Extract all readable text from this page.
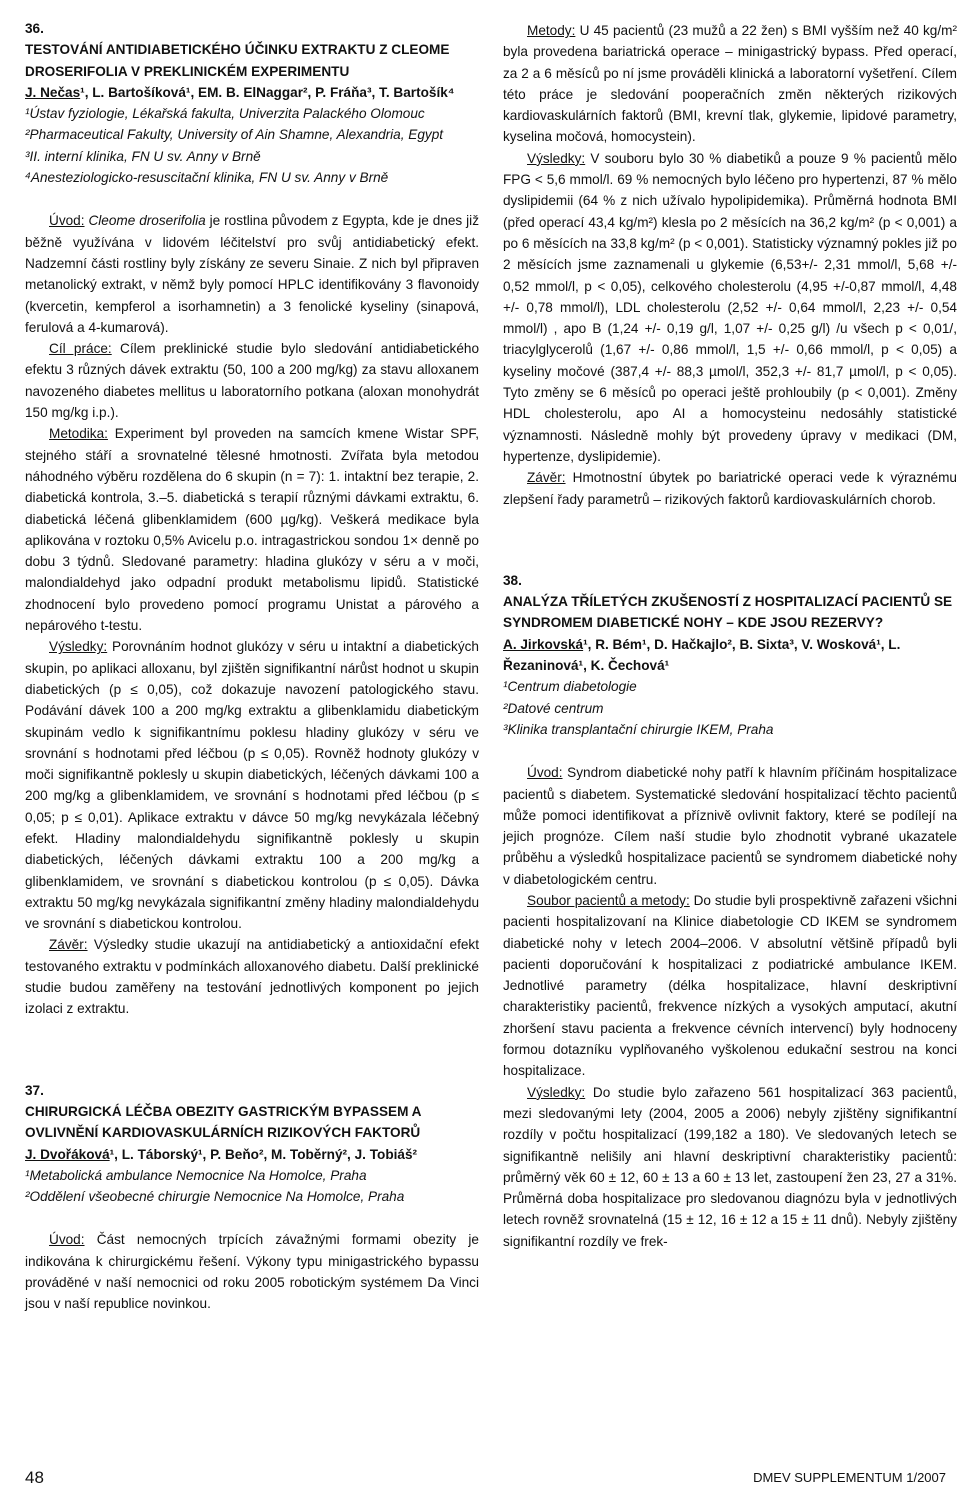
36.

TESTOVÁNÍ ANTIDIABETICKÉHO ÚČINKU EXTRAKTU Z CLEOME DROSERIFOLIA V PREKLINICKÉM EXPERIMENTU

J. Nečas¹, L. Bartošíková¹, EM. B. ElNaggar², P. Fráňa³, T. Bartošík⁴

¹Ústav fyziologie, Lékařská fakulta, Univerzita Palackého Olomouc

²Pharmaceutical Fakulty, University of Ain Shamne, Alexandria, Egypt

³II. interní klinika, FN U sv. Anny v Brně

⁴Anesteziologicko-resuscitační klinika, FN U sv. Anny v Brně

Úvod: Cleome droserifolia je rostlina původem z Egypta, kde je dnes již běžně využívána v lidovém léčitelství pro svůj antidiabetický efekt. Nadzemní části rostliny byly získány ze severu Sinaie. Z nich byl připraven metanolický extrakt, v němž byly pomocí HPLC identifikovány 3 flavonoidy (kvercetin, kempferol a isorhamnetin) a 3 fenolické kyseliny (sinapová, ferulová a 4-kumarová).

Cíl práce: Cílem preklinické studie bylo sledování antidiabetického efektu 3 různých dávek extraktu (50, 100 a 200 mg/kg) za stavu alloxanem navozeného diabetes mellitus u laboratorního potkana (aloxan monohydrát 150 mg/kg i.p.).

Metodika: Experiment byl proveden na samcích kmene Wistar SPF, stejného stáří a srovnatelné tělesné hmotnosti. Zvířata byla metodou náhodného výběru rozdělena do 6 skupin (n = 7): 1. intaktní bez terapie, 2. diabetická kontrola, 3.–5. diabetická s terapií různými dávkami extraktu, 6. diabetická léčená glibenklamidem (600 µg/kg). Veškerá medikace byla aplikována v roztoku 0,5% Avicelu p.o. intragastrickou sondou 1× denně po dobu 3 týdnů. Sledované parametry: hladina glukózy v séru a v moči, malondialdehyd jako odpadní produkt metabolismu lipidů. Statistické zhodnocení bylo provedeno pomocí programu Unistat a párového a nepárového t-testu.

Výsledky: Porovnáním hodnot glukózy v séru u intaktní a diabetických skupin, po aplikaci alloxanu, byl zjištěn signifikantní nárůst hodnot u skupin diabetických (p ≤ 0,05), což dokazuje navození patologického stavu. Podávání dávek 100 a 200 mg/kg extraktu a glibenklamidu diabetickým skupinám vedlo k signifikantnímu poklesu hladiny glukózy v séru ve srovnání s hodnotami před léčbou (p ≤ 0,05). Rovněž hodnoty glukózy v moči signifikantně poklesly u skupin diabetických, léčených dávkami 100 a 200 mg/kg a glibenklamidem, ve srovnání s hodnotami před léčbou (p ≤ 0,05; p ≤ 0,01). Aplikace extraktu v dávce 50 mg/kg nevykázala léčebný efekt. Hladiny malondialdehydu signifikantně poklesly u skupin diabetických, léčených dávkami extraktu 100 a 200 mg/kg a glibenklamidem, ve srovnání s diabetickou kontrolou (p ≤ 0,05). Dávka extraktu 50 mg/kg nevykázala signifikantní změny hladiny malondialdehydu ve srovnání s diabetickou kontrolou.

Závěr: Výsledky studie ukazují na antidiabetický a antioxidační efekt testovaného extraktu v podmínkách alloxanového diabetu. Další preklinické studie budou zaměřeny na testování jednotlivých komponent po jejich izolaci z extraktu.

37.

CHIRURGICKÁ LÉČBA OBEZITY GASTRICKÝM BYPASSEM A OVLIVNĚNÍ KARDIOVASKULÁRNÍCH RIZIKOVÝCH FAKTORŮ

J. Dvořáková¹, L. Táborský¹, P. Beňo², M. Toběrný², J. Tobiáš²

¹Metabolická ambulance Nemocnice Na Homolce, Praha

²Oddělení všeobecné chirurgie Nemocnice Na Homolce, Praha

Úvod: Část nemocných trpících závažnými formami obezity je indikována k chirurgickému řešení. Výkony typu minigastrického bypassu prováděné v naší nemocnici od roku 2005 robotickým systémem Da Vinci jsou v naší republice novinkou.

Metody: U 45 pacientů (23 mužů a 22 žen) s BMI vyšším než 40 kg/m² byla provedena bariatrická operace – minigastrický bypass. Před operací, za 2 a 6 měsíců po ní jsme prováděli klinická a laboratorní vyšetření. Cílem této práce je sledování pooperačních změn některých rizikových kardiovaskulárních faktorů (BMI, krevní tlak, glykemie, lipidové parametry, kyselina močová, homocystein).

Výsledky: V souboru bylo 30 % diabetiků a pouze 9 % pacientů mělo FPG < 5,6 mmol/l. 69 % nemocných bylo léčeno pro hypertenzi, 87 % mělo dyslipidemii (64 % z nich užívalo hypolipidemika). Průměrná hodnota BMI (před operací 43,4 kg/m²) klesla po 2 měsících na 36,2 kg/m² (p < 0,001) a po 6 měsících na 33,8 kg/m² (p < 0,001). Statisticky významný pokles již po 2 měsících jsme zaznamenali u glykemie (6,53+/- 2,31 mmol/l, 5,68 +/- 0,52 mmol/l, p < 0,05), celkového cholesterolu (4,95 +/-0,87 mmol/l, 4,48 +/- 0,78 mmol/l), LDL cholesterolu (2,52 +/- 0,64 mmol/l, 2,23 +/- 0,54 mmol/l) , apo B (1,24 +/- 0,19 g/l, 1,07 +/- 0,25 g/l) /u všech p < 0,01/, triacylglycerolů (1,67 +/- 0,86 mmol/l, 1,5 +/- 0,66 mmol/l, p < 0,05) a kyseliny močové (387,4 +/- 88,3 µmol/l, 352,3 +/- 81,7 µmol/l, p < 0,05). Tyto změny se 6 měsíců po operaci ještě prohloubily (p < 0,001). Změny HDL cholesterolu, apo AI a homocysteinu nedosáhly statistické významnosti. Následně mohly být provedeny úpravy v medikaci (DM, hypertenze, dyslipidemie).

Závěr: Hmotnostní úbytek po bariatrické operaci vede k výraznému zlepšení řady parametrů – rizikových faktorů kardiovaskulárních chorob.

38.

ANALÝZA TŘÍLETÝCH ZKUŠENOSTÍ Z HOSPITALIZACÍ PACIENTŮ SE SYNDROMEM DIABETICKÉ NOHY – KDE JSOU REZERVY?

A. Jirkovská¹, R. Bém¹, D. Hačkajlo², B. Sixta³, V. Wosková¹, L. Řezaninová¹, K. Čechová¹

¹Centrum diabetologie

²Datové centrum

³Klinika transplantační chirurgie IKEM, Praha

Úvod: Syndrom diabetické nohy patří k hlavním příčinám hospitalizace pacientů s diabetem. Systematické sledování hospitalizací těchto pacientů může pomoci identifikovat a příznivě ovlivnit faktory, které se podílejí na jejich prognóze. Cílem naší studie bylo zhodnotit vybrané ukazatele průběhu a výsledků hospitalizace pacientů se syndromem diabetické nohy v diabetologickém centru.

Soubor pacientů a metody: Do studie byli prospektivně zařazeni všichni pacienti hospitalizovaní na Klinice diabetologie CD IKEM se syndromem diabetické nohy v letech 2004–2006. V absolutní většině případů byli pacienti doporučování k hospitalizaci z podiatrické ambulance IKEM. Jednotlivé parametry (délka hospitalizace, hlavní deskriptivní charakteristiky pacientů, frekvence nízkých a vysokých amputací, akutní zhoršení stavu pacienta a frekvence cévních intervencí) byly hodnoceny formou dotazníku vyplňovaného vyškolenou edukační sestrou na konci hospitalizace.

Výsledky: Do studie bylo zařazeno 561 hospitalizací 363 pacientů, mezi sledovanými lety (2004, 2005 a 2006) nebyly zjištěny signifikantní rozdíly v počtu hospitalizací (199,182 a 180). Ve sledovaných letech se signifikantně nelišily ani hlavní deskriptivní charakteristiky pacientů: průměrný věk 60 ± 12, 60 ± 13 a 60 ± 13 let, zastoupení žen 23, 27 a 31%. Průměrná doba hospitalizace pro sledovanou diagnózu byla v jednotlivých letech rovněž srovnatelná (15 ± 12, 16 ± 12 a 15 ± 11 dnů). Nebyly zjištěny signifikantní rozdíly ve frek-

48	DMEV SUPPLEMENTUM 1/2007
